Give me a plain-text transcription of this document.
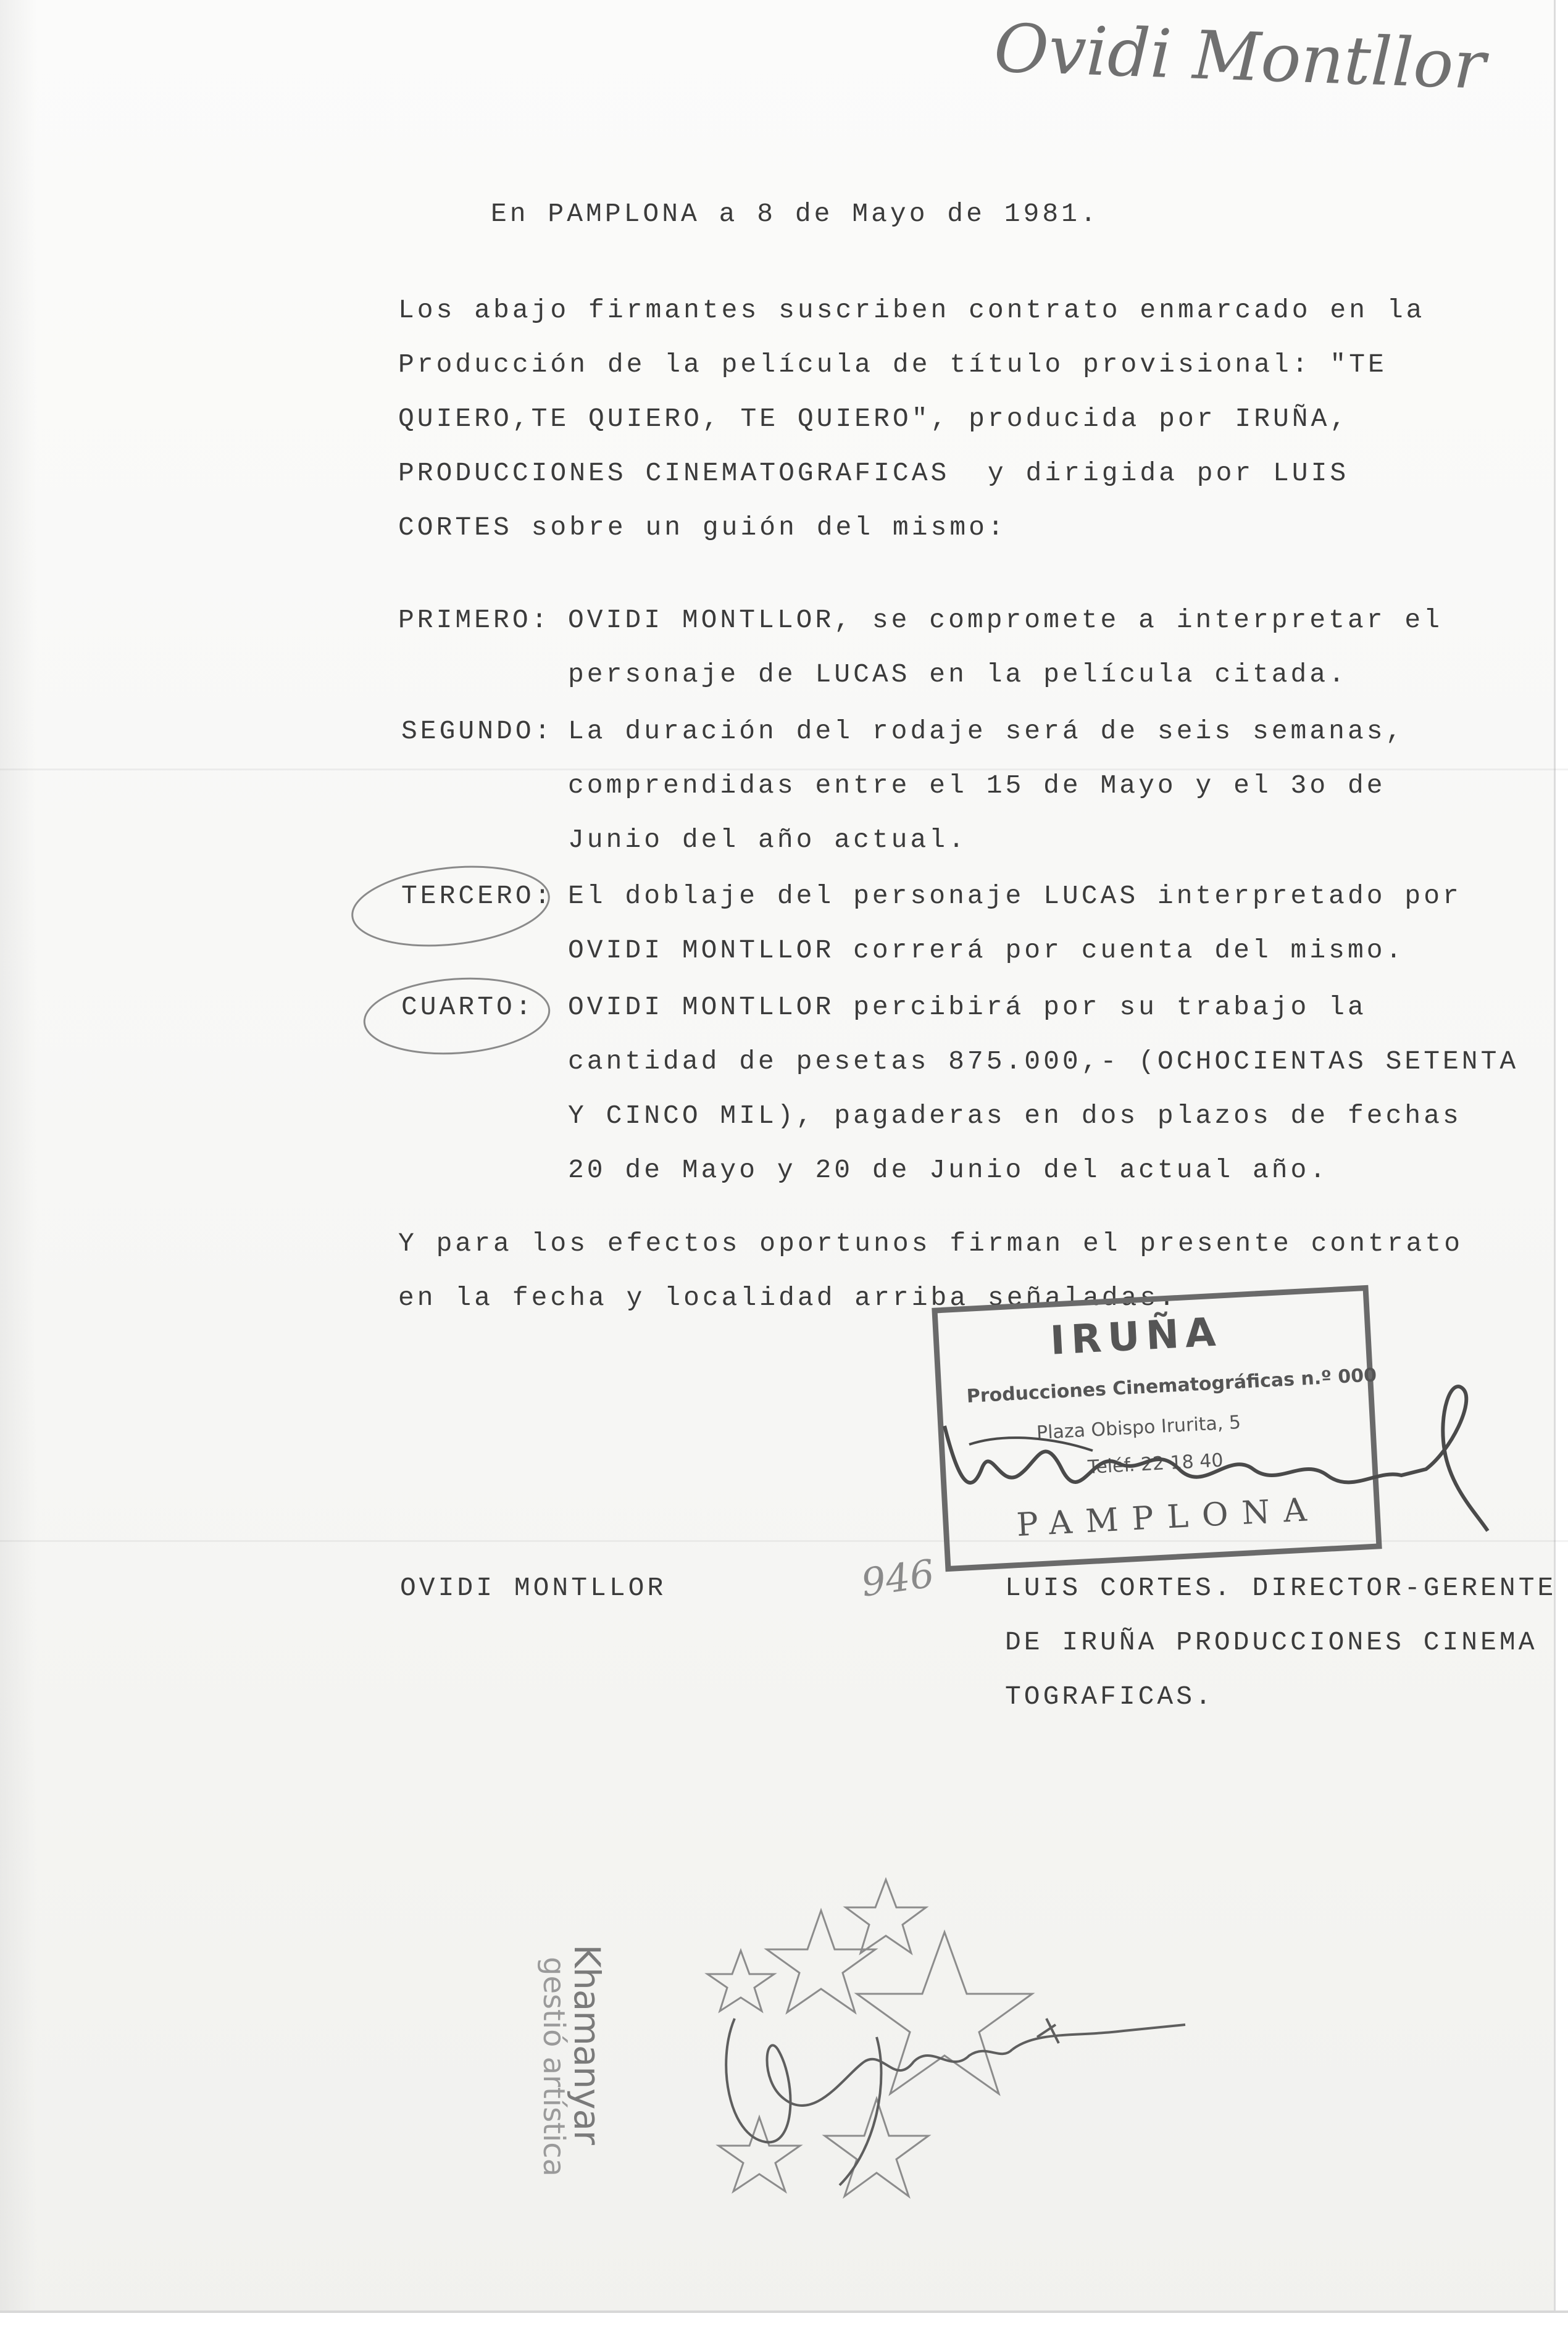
Ovidi Montllor
En PAMPLONA a 8 de Mayo de 1981.
Los abajo firmantes suscriben contrato enmarcado en la
Producción de la película de título provisional: "TE
QUIERO,TE QUIERO, TE QUIERO", producida por IRUÑA,
PRODUCCIONES CINEMATOGRAFICAS  y dirigida por LUIS
CORTES sobre un guión del mismo:
PRIMERO: OVIDI MONTLLOR, se compromete a interpretar el
personaje de LUCAS en la película citada.
SEGUNDO: La duración del rodaje será de seis semanas,
comprendidas entre el 15 de Mayo y el 3o de
Junio del año actual.
TERCERO: El doblaje del personaje LUCAS interpretado por
OVIDI MONTLLOR correrá por cuenta del mismo.
CUARTO: OVIDI MONTLLOR percibirá por su trabajo la
cantidad de pesetas 875.000,- (OCHOCIENTAS SETENTA
Y CINCO MIL), pagaderas en dos plazos de fechas
20 de Mayo y 20 de Junio del actual año.
Y para los efectos oportunos firman el presente contrato
en la fecha y localidad arriba señaladas.
IRUÑA
Producciones Cinematográficas n.º 000
Plaza Obispo Irurita, 5
Teléf. 22 18 40
PAMPLONA
OVIDI MONTLLOR	946	LUIS CORTES. DIRECTOR-GERENTE
DE IRUÑA PRODUCCIONES CINEMA
TOGRAFICAS.
Khamanyar
gestió artística
